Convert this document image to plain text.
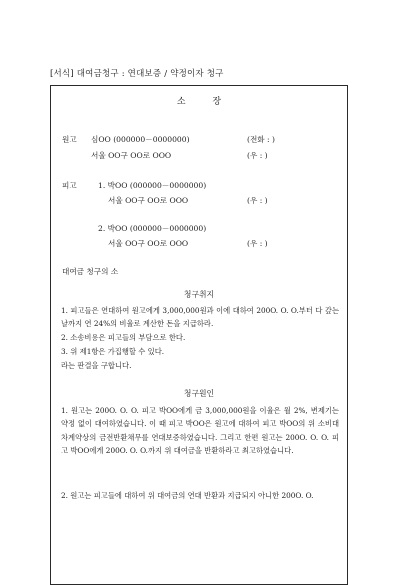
[서식] 대여금청구 : 연대보증 / 약정이자 청구
소 장
원고 심OO (000000－0000000)	(전화 : )
서울 OO구 OO로 OOO	(우 : )
피고	1. 박OO (000000－0000000)
서울 OO구 OO로 OOO	(우 : )
2. 박OO (000000－0000000)
서울 OO구 OO로 OOO	(우 : )
대여금 청구의 소
청구취지
1. 피고들은 연대하여 원고에게 3,000,000원과 이에 대하여 200O. O. O.부터 다 갚는 날까지 연 24%의 비율로 계산한 돈을 지급하라.
2. 소송비용은 피고들의 부담으로 한다.
3. 위 제1항은 가집행할 수 있다.
라는 판결을 구합니다.
청구원인
1. 원고는 200O. O. O. 피고 박OO에게 금 3,000,000원을 이율은 월 2%, 변제기는 약정 없이 대여하였습니다. 이 때 피고 박OO은 원고에 대하여 피고 박OO의 위 소비대차계약상의 금전반환채무를 연대보증하였습니다. 그리고 한편 원고는 200O. O. O. 피고 박OO에게 200O. O. O.까지 위 대여금을 반환하라고 최고하였습니다.
2. 원고는 피고들에 대하여 위 대여금의 연대 반환과 지급되지 아니한 200O. O.
